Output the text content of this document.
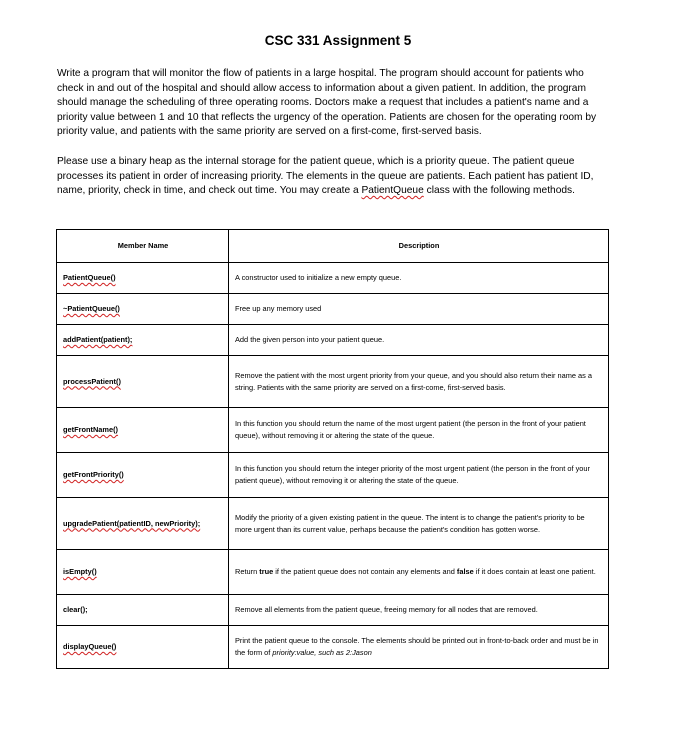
CSC 331 Assignment 5

Write a program that will monitor the flow of patients in a large hospital. The program should account for patients who check in and out of the hospital and should allow access to information about a given patient. In addition, the program should manage the scheduling of three operating rooms. Doctors make a request that includes a patient's name and a priority value between 1 and 10 that reflects the urgency of the operation. Patients are chosen for the operating room by priority value, and patients with the same priority are served on a first-come, first-served basis.

Please use a binary heap as the internal storage for the patient queue, which is a priority queue. The patient queue processes its patient in order of increasing priority. The elements in the queue are patients. Each patient has patient ID, name, priority, check in time, and check out time. You may create a PatientQueue class with the following methods.

Member Name	Description
PatientQueue()	A constructor used to initialize a new empty queue.
~PatientQueue()	Free up any memory used
addPatient(patient);	Add the given person into your patient queue.
processPatient()	Remove the patient with the most urgent priority from your queue, and you should also return their name as a string. Patients with the same priority are served on a first-come, first-served basis.
getFrontName()	In this function you should return the name of the most urgent patient (the person in the front of your patient queue), without removing it or altering the state of the queue.
getFrontPriority()	In this function you should return the integer priority of the most urgent patient (the person in the front of your patient queue), without removing it or altering the state of the queue.
upgradePatient(patientID, newPriority);	Modify the priority of a given existing patient in the queue. The intent is to change the patient's priority to be more urgent than its current value, perhaps because the patient's condition has gotten worse.
isEmpty()	Return true if the patient queue does not contain any elements and false if it does contain at least one patient.
clear();	Remove all elements from the patient queue, freeing memory for all nodes that are removed.
displayQueue()	Print the patient queue to the console. The elements should be printed out in front-to-back order and must be in the form of priority:value, such as 2:Jason
